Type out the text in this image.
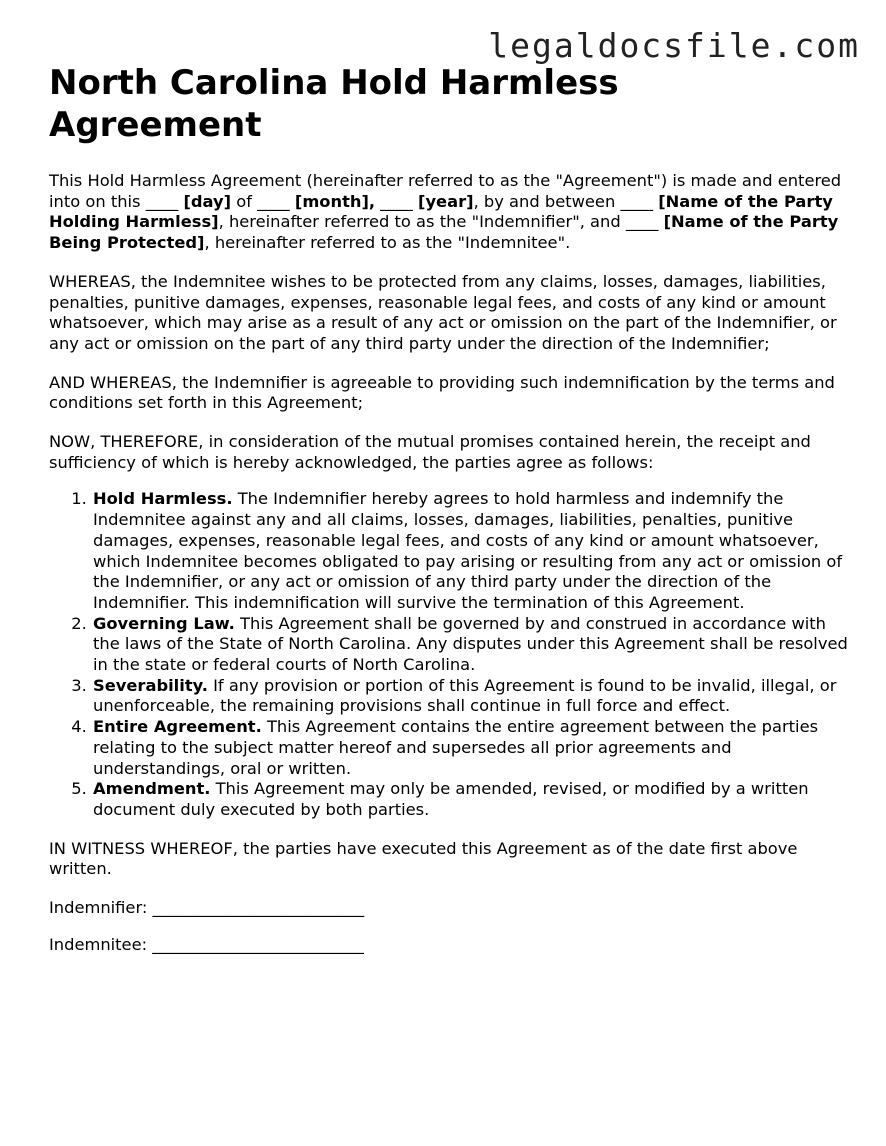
legaldocsfile.com
North Carolina Hold Harmless
Agreement

This Hold Harmless Agreement (hereinafter referred to as the "Agreement") is made and entered into on this ____ [day] of ____ [month], ____ [year], by and between ____ [Name of the Party Holding Harmless], hereinafter referred to as the "Indemnifier", and ____ [Name of the Party Being Protected], hereinafter referred to as the "Indemnitee".

WHEREAS, the Indemnitee wishes to be protected from any claims, losses, damages, liabilities, penalties, punitive damages, expenses, reasonable legal fees, and costs of any kind or amount whatsoever, which may arise as a result of any act or omission on the part of the Indemnifier, or any act or omission on the part of any third party under the direction of the Indemnifier;

AND WHEREAS, the Indemnifier is agreeable to providing such indemnification by the terms and conditions set forth in this Agreement;

NOW, THEREFORE, in consideration of the mutual promises contained herein, the receipt and sufficiency of which is hereby acknowledged, the parties agree as follows:

1. Hold Harmless. The Indemnifier hereby agrees to hold harmless and indemnify the Indemnitee against any and all claims, losses, damages, liabilities, penalties, punitive damages, expenses, reasonable legal fees, and costs of any kind or amount whatsoever, which Indemnitee becomes obligated to pay arising or resulting from any act or omission of the Indemnifier, or any act or omission of any third party under the direction of the Indemnifier. This indemnification will survive the termination of this Agreement.
2. Governing Law. This Agreement shall be governed by and construed in accordance with the laws of the State of North Carolina. Any disputes under this Agreement shall be resolved in the state or federal courts of North Carolina.
3. Severability. If any provision or portion of this Agreement is found to be invalid, illegal, or unenforceable, the remaining provisions shall continue in full force and effect.
4. Entire Agreement. This Agreement contains the entire agreement between the parties relating to the subject matter hereof and supersedes all prior agreements and understandings, oral or written.
5. Amendment. This Agreement may only be amended, revised, or modified by a written document duly executed by both parties.

IN WITNESS WHEREOF, the parties have executed this Agreement as of the date first above written.

Indemnifier: __________________________

Indemnitee: __________________________
